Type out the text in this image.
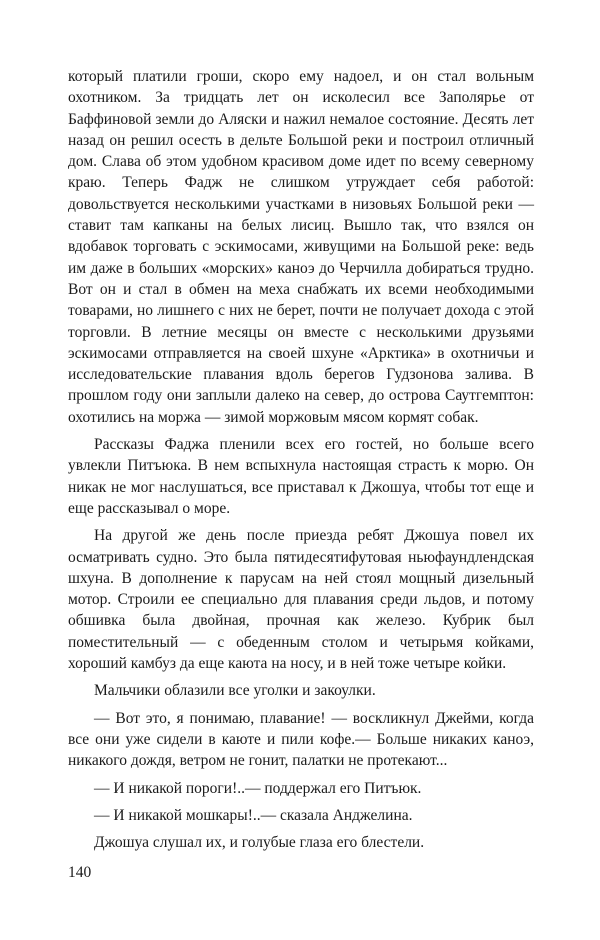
который платили гроши, скоро ему надоел, и он стал вольным охотником. За тридцать лет он исколесил все Заполярье от Баффиновой земли до Аляски и нажил немалое состояние. Десять лет назад он решил осесть в дельте Большой реки и построил отличный дом. Слава об этом удобном красивом доме идет по всему северному краю. Теперь Фадж не слишком утруждает себя работой: довольствуется несколькими участками в низовьях Большой реки — ставит там капканы на белых лисиц. Вышло так, что взялся он вдобавок торговать с эскимосами, живущими на Большой реке: ведь им даже в больших «морских» каноэ до Черчилла добираться трудно. Вот он и стал в обмен на меха снабжать их всеми необходимыми товарами, но лишнего с них не берет, почти не получает дохода с этой торговли. В летние месяцы он вместе с несколькими друзьями эскимосами отправляется на своей шхуне «Арктика» в охотничьи и исследовательские плавания вдоль берегов Гудзонова залива. В прошлом году они заплыли далеко на север, до острова Саутгемптон: охотились на моржа — зимой моржовым мясом кормят собак.

Рассказы Фаджа пленили всех его гостей, но больше всего увлекли Питъюка. В нем вспыхнула настоящая страсть к морю. Он никак не мог наслушаться, все приставал к Джошуа, чтобы тот еще и еще рассказывал о море.

На другой же день после приезда ребят Джошуа повел их осматривать судно. Это была пятидесятифутовая ньюфаундлендская шхуна. В дополнение к парусам на ней стоял мощный дизельный мотор. Строили ее специально для плавания среди льдов, и потому обшивка была двойная, прочная как железо. Кубрик был поместительный — с обеденным столом и четырьмя койками, хороший камбуз да еще каюта на носу, и в ней тоже четыре койки.

Мальчики облазили все уголки и закоулки.

— Вот это, я понимаю, плавание! — воскликнул Джейми, когда все они уже сидели в каюте и пили кофе.— Больше никаких каноэ, никакого дождя, ветром не гонит, палатки не протекают...

— И никакой пороги!..— поддержал его Питъюк.

— И никакой мошкары!..— сказала Анджелина.

Джошуа слушал их, и голубые глаза его блестели.

140
